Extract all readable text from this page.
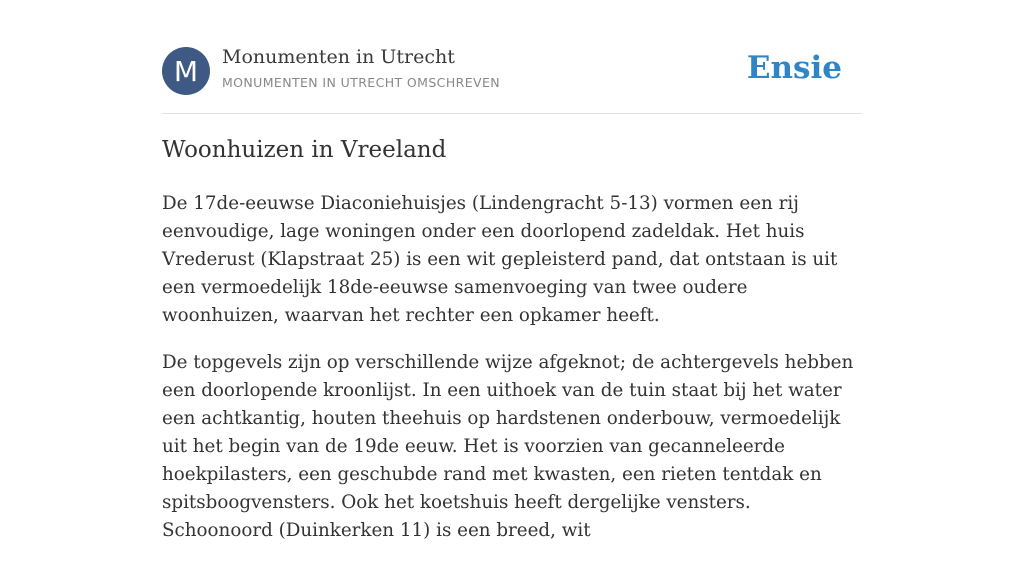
M	Monumenten in Utrecht
MONUMENTEN IN UTRECHT OMSCHREVEN	Ensie
Woonhuizen in Vreeland

De 17de-eeuwse Diaconiehuisjes (Lindengracht 5-13) vormen een rij eenvoudige, lage woningen onder een doorlopend zadeldak. Het huis Vrederust (Klapstraat 25) is een wit gepleisterd pand, dat ontstaan is uit een vermoedelijk 18de-eeuwse samenvoeging van twee oudere woonhuizen, waarvan het rechter een opkamer heeft.

De topgevels zijn op verschillende wijze afgeknot; de achtergevels hebben een doorlopende kroonlijst. In een uithoek van de tuin staat bij het water een achtkantig, houten theehuis op hardstenen onderbouw, vermoedelijk uit het begin van de 19de eeuw. Het is voorzien van gecanneleerde hoekpilasters, een geschubde rand met kwasten, een rieten tentdak en spitsboogvensters. Ook het koetshuis heeft dergelijke vensters. Schoonoord (Duinkerken 11) is een breed, wit
